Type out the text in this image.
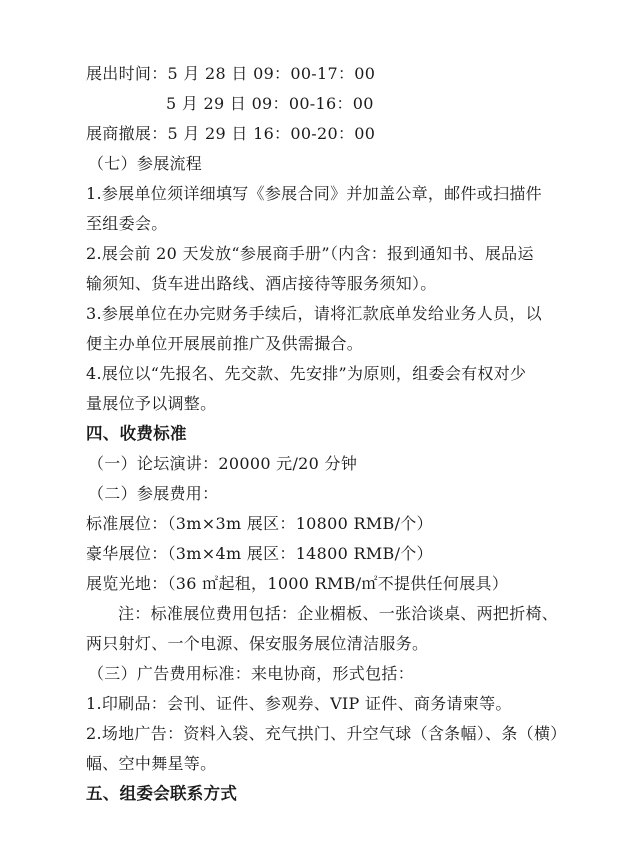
展出时间：5 月 28 日 09：00-17：00
5 月 29 日 09：00-16：00
展商撤展：5 月 29 日 16：00-20：00
（七）参展流程
1.参展单位须详细填写《参展合同》并加盖公章，邮件或扫描件
至组委会。
2.展会前 20 天发放“参展商手册”（内含：报到通知书、展品运
输须知、货车进出路线、酒店接待等服务须知）。
3.参展单位在办完财务手续后，请将汇款底单发给业务人员，以
便主办单位开展展前推广及供需撮合。
4.展位以“先报名、先交款、先安排”为原则，组委会有权对少
量展位予以调整。
四、收费标准
（一）论坛演讲：20000 元/20 分钟
（二）参展费用：
标准展位：（3m×3m 展区：10800 RMB/个）
豪华展位：（3m×4m 展区：14800 RMB/个）
展览光地：（36 ㎡起租，1000 RMB/㎡不提供任何展具）
注：标准展位费用包括：企业楣板、一张洽谈桌、两把折椅、
两只射灯、一个电源、保安服务展位清洁服务。
（三）广告费用标准：来电协商，形式包括：
1.印刷品：会刊、证件、参观券、VIP 证件、商务请柬等。
2.场地广告：资料入袋、充气拱门、升空气球（含条幅）、条（横）
幅、空中舞星等。
五、组委会联系方式
